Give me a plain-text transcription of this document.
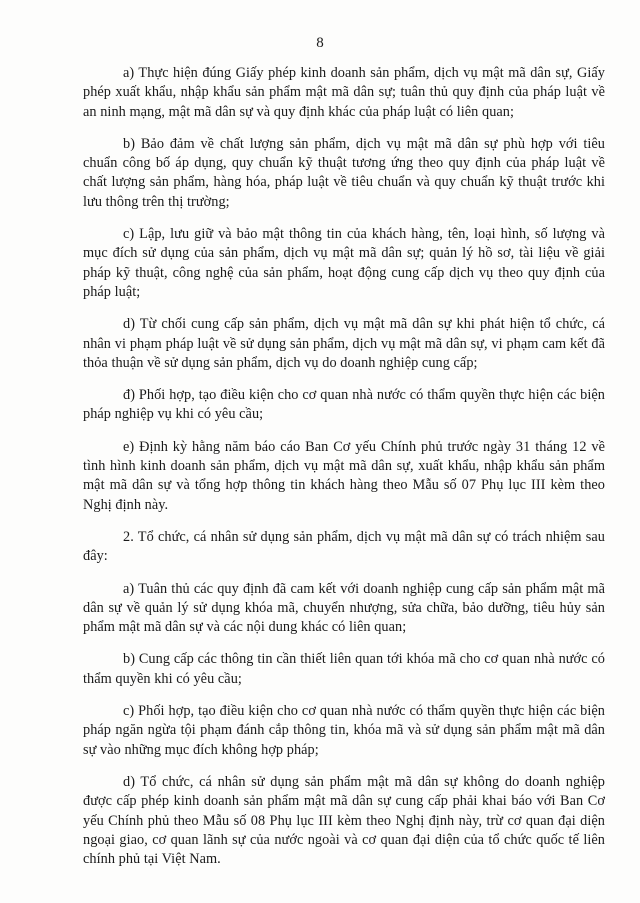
8

a) Thực hiện đúng Giấy phép kinh doanh sản phẩm, dịch vụ mật mã dân sự, Giấy phép xuất khẩu, nhập khẩu sản phẩm mật mã dân sự; tuân thủ quy định của pháp luật về an ninh mạng, mật mã dân sự và quy định khác của pháp luật có liên quan;

b) Bảo đảm về chất lượng sản phẩm, dịch vụ mật mã dân sự phù hợp với tiêu chuẩn công bố áp dụng, quy chuẩn kỹ thuật tương ứng theo quy định của pháp luật về chất lượng sản phẩm, hàng hóa, pháp luật về tiêu chuẩn và quy chuẩn kỹ thuật trước khi lưu thông trên thị trường;

c) Lập, lưu giữ và bảo mật thông tin của khách hàng, tên, loại hình, số lượng và mục đích sử dụng của sản phẩm, dịch vụ mật mã dân sự; quản lý hồ sơ, tài liệu về giải pháp kỹ thuật, công nghệ của sản phẩm, hoạt động cung cấp dịch vụ theo quy định của pháp luật;

d) Từ chối cung cấp sản phẩm, dịch vụ mật mã dân sự khi phát hiện tổ chức, cá nhân vi phạm pháp luật về sử dụng sản phẩm, dịch vụ mật mã dân sự, vi phạm cam kết đã thỏa thuận về sử dụng sản phẩm, dịch vụ do doanh nghiệp cung cấp;

đ) Phối hợp, tạo điều kiện cho cơ quan nhà nước có thẩm quyền thực hiện các biện pháp nghiệp vụ khi có yêu cầu;

e) Định kỳ hằng năm báo cáo Ban Cơ yếu Chính phủ trước ngày 31 tháng 12 về tình hình kinh doanh sản phẩm, dịch vụ mật mã dân sự, xuất khẩu, nhập khẩu sản phẩm mật mã dân sự và tổng hợp thông tin khách hàng theo Mẫu số 07 Phụ lục III kèm theo Nghị định này.

2. Tổ chức, cá nhân sử dụng sản phẩm, dịch vụ mật mã dân sự có trách nhiệm sau đây:

a) Tuân thủ các quy định đã cam kết với doanh nghiệp cung cấp sản phẩm mật mã dân sự về quản lý sử dụng khóa mã, chuyển nhượng, sửa chữa, bảo dưỡng, tiêu hủy sản phẩm mật mã dân sự và các nội dung khác có liên quan;

b) Cung cấp các thông tin cần thiết liên quan tới khóa mã cho cơ quan nhà nước có thẩm quyền khi có yêu cầu;

c) Phối hợp, tạo điều kiện cho cơ quan nhà nước có thẩm quyền thực hiện các biện pháp ngăn ngừa tội phạm đánh cắp thông tin, khóa mã và sử dụng sản phẩm mật mã dân sự vào những mục đích không hợp pháp;

d) Tổ chức, cá nhân sử dụng sản phẩm mật mã dân sự không do doanh nghiệp được cấp phép kinh doanh sản phẩm mật mã dân sự cung cấp phải khai báo với Ban Cơ yếu Chính phủ theo Mẫu số 08 Phụ lục III kèm theo Nghị định này, trừ cơ quan đại diện ngoại giao, cơ quan lãnh sự của nước ngoài và cơ quan đại diện của tổ chức quốc tế liên chính phủ tại Việt Nam.
